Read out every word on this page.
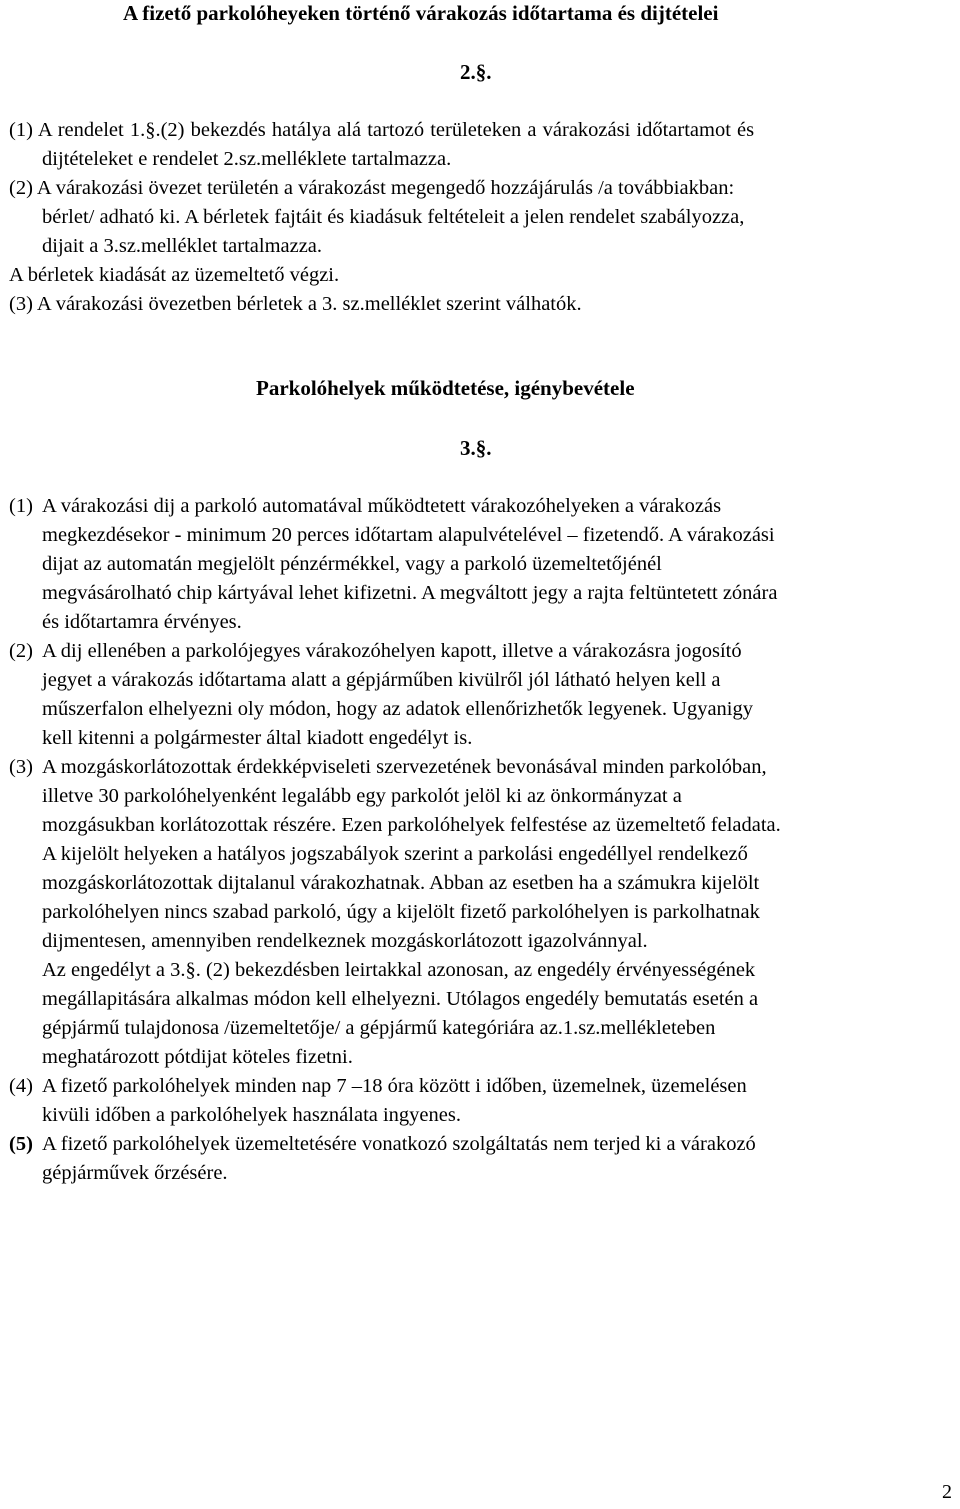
A fizető parkolóheyeken történő várakozás időtartama és dijtételei
2.§.
(1) A rendelet 1.§.(2) bekezdés hatálya alá tartozó területeken a várakozási időtartamot és
dijtételeket e rendelet 2.sz.melléklete tartalmazza.
(2) A várakozási övezet területén a várakozást megengedő hozzájárulás /a továbbiakban:
bérlet/ adható ki. A bérletek fajtáit és kiadásuk feltételeit a jelen rendelet szabályozza,
dijait a 3.sz.melléklet tartalmazza.
A bérletek kiadását az üzemeltető végzi.
(3) A várakozási övezetben bérletek a 3. sz.melléklet szerint válhatók.
Parkolóhelyek működtetése, igénybevétele
3.§.
(1) A várakozási dij a parkoló automatával működtetett várakozóhelyeken a várakozás
megkezdésekor - minimum 20 perces időtartam alapulvételével – fizetendő. A várakozási
dijat az automatán megjelölt pénzérmékkel, vagy a parkoló üzemeltetőjénél
megvásárolható chip kártyával lehet kifizetni. A megváltott jegy a rajta feltüntetett zónára
és időtartamra érvényes.
(2) A dij ellenében a parkolójegyes várakozóhelyen kapott, illetve a várakozásra jogosító
jegyet a várakozás időtartama alatt a gépjárműben kivülről jól látható helyen kell a
műszerfalon elhelyezni oly módon, hogy az adatok ellenőrizhetők legyenek. Ugyanigy
kell kitenni a polgármester által kiadott engedélyt is.
(3) A mozgáskorlátozottak érdekképviseleti szervezetének bevonásával minden parkolóban,
illetve 30 parkolóhelyenként legalább egy parkolót jelöl ki az önkormányzat a
mozgásukban korlátozottak részére. Ezen parkolóhelyek felfestése az üzemeltető feladata.
A kijelölt helyeken a hatályos jogszabályok szerint a parkolási engedéllyel rendelkező
mozgáskorlátozottak dijtalanul várakozhatnak. Abban az esetben ha a számukra kijelölt
parkolóhelyen nincs szabad parkoló, úgy a kijelölt fizető parkolóhelyen is parkolhatnak
dijmentesen, amennyiben rendelkeznek mozgáskorlátozott igazolvánnyal.
Az engedélyt a 3.§. (2) bekezdésben leirtakkal azonosan, az engedély érvényességének
megállapitására alkalmas módon kell elhelyezni. Utólagos engedély bemutatás esetén a
gépjármű tulajdonosa /üzemeltetője/ a gépjármű kategóriára az.1.sz.mellékleteben
meghatározott pótdijat köteles fizetni.
(4) A fizető parkolóhelyek minden nap 7 –18 óra között i időben, üzemelnek, üzemelésen
kivüli időben a parkolóhelyek használata ingyenes.
(5) A fizető parkolóhelyek üzemeltetésére vonatkozó szolgáltatás nem terjed ki a várakozó
gépjárművek őrzésére.
2
